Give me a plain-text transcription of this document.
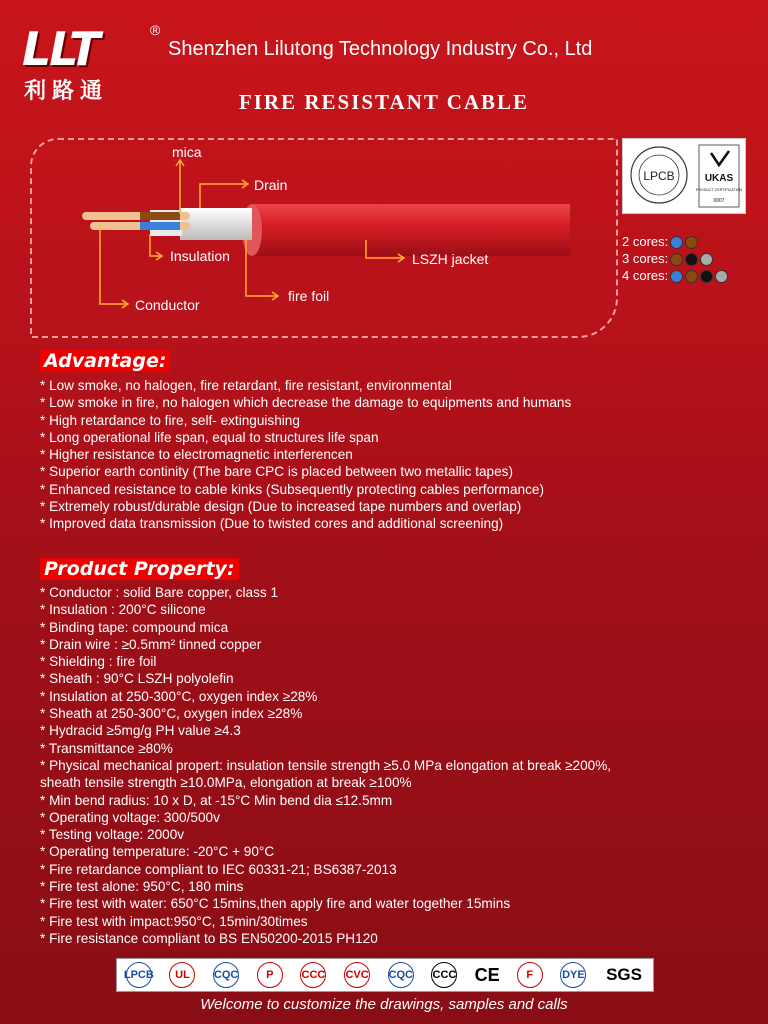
LLT
利路通
®
Shenzhen Lilutong Technology Industry Co., Ltd
FIRE RESISTANT CABLE
mica
Drain
Insulation	LSZH jacket
Conductor
fire foil
LPCB	UKAS
PRODUCT CERTIFICATION
0007
2 cores:
3 cores:
4 cores:
Advantage:
* Low smoke, no halogen, fire retardant, fire resistant, environmental
* Low smoke in fire, no halogen which decrease the damage to equipments and humans
* High retardance to fire, self- extinguishing
* Long operational life span, equal to structures life span
* Higher resistance to electromagnetic interferencen
* Superior earth continity (The bare CPC is placed between two metallic tapes)
* Enhanced resistance to cable kinks (Subsequently protecting cables performance)
* Extremely robust/durable design (Due to increased tape numbers and overlap)
* Improved data transmission (Due to twisted cores and additional screening)
Product Property:
* Conductor : solid Bare copper, class 1
* Insulation : 200°C silicone
* Binding tape: compound mica
* Drain wire : ≥0.5mm² tinned copper
* Shielding : fire foil
* Sheath : 90°C LSZH polyolefin
* Insulation at 250-300°C, oxygen index ≥28%
* Sheath at 250-300°C, oxygen index ≥28%
* Hydracid ≥5mg/g PH value ≥4.3
* Transmittance ≥80%
* Physical mechanical propert: insulation tensile strength ≥5.0 MPa elongation at break ≥200%,
sheath tensile strength ≥10.0MPa, elongation at break ≥100%
* Min bend radius: 10 x D, at -15°C Min bend dia ≤12.5mm
* Operating voltage: 300/500v
* Testing voltage: 2000v
* Operating temperature: -20°C + 90°C
* Fire retardance compliant to IEC 60331-21; BS6387-2013
* Fire test alone: 950°C, 180 mins
* Fire test with water: 650°C 15mins,then apply fire and water together 15mins
* Fire test with impact:950°C, 15min/30times
* Fire resistance compliant to BS EN50200-2015 PH120
LPCB	UL	CQC	P	CCC CVC CQC CCC CE	F	DYE SGS
Welcome to customize the drawings, samples and calls
